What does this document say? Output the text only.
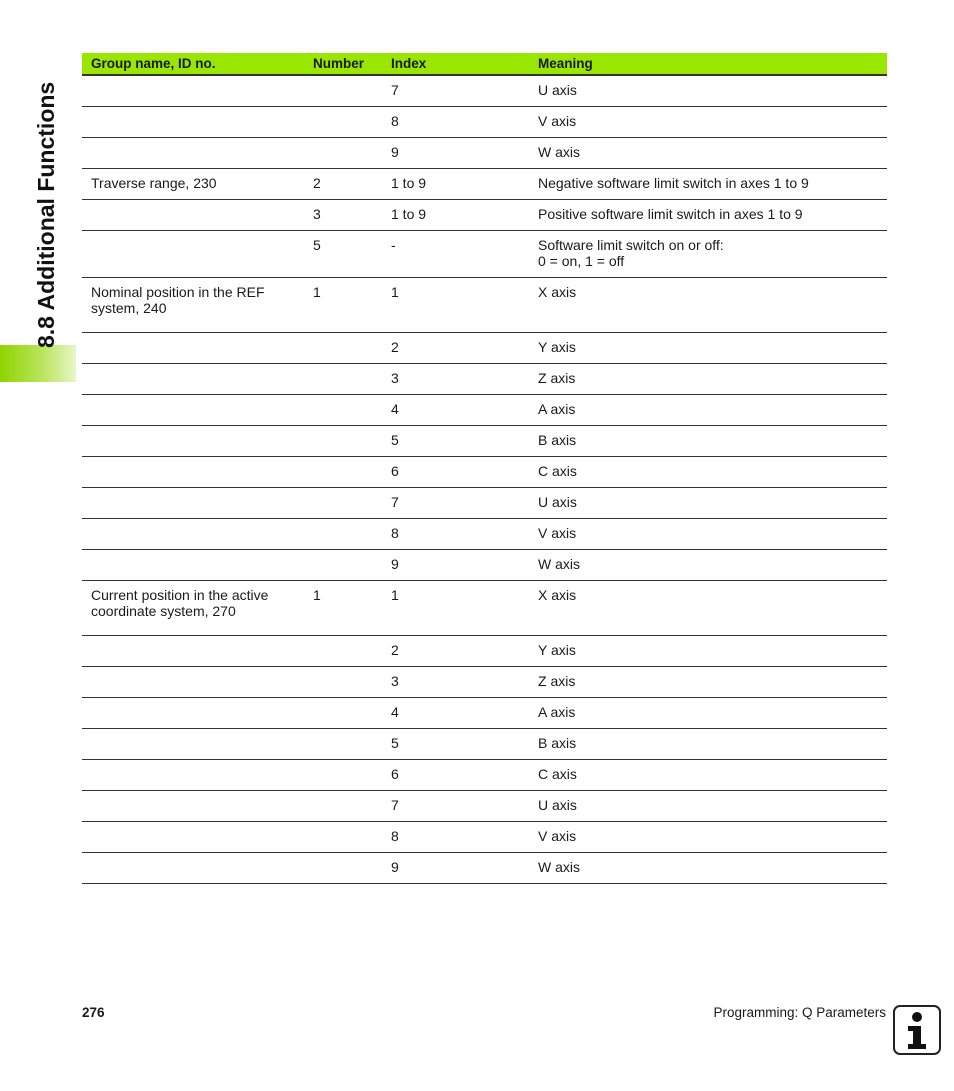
8.8 Additional Functions
Group name, ID no.	Number	Index	Meaning
		7	U axis
		8	V axis
		9	W axis
Traverse range, 230	2	1 to 9	Negative software limit switch in axes 1 to 9
	3	1 to 9	Positive software limit switch in axes 1 to 9
	5	-	Software limit switch on or off:
0 = on, 1 = off
Nominal position in the REF system, 240	1	1	X axis
		2	Y axis
		3	Z axis
		4	A axis
		5	B axis
		6	C axis
		7	U axis
		8	V axis
		9	W axis
Current position in the active coordinate system, 270	1	1	X axis
		2	Y axis
		3	Z axis
		4	A axis
		5	B axis
		6	C axis
		7	U axis
		8	V axis
		9	W axis
276	Programming: Q Parameters
